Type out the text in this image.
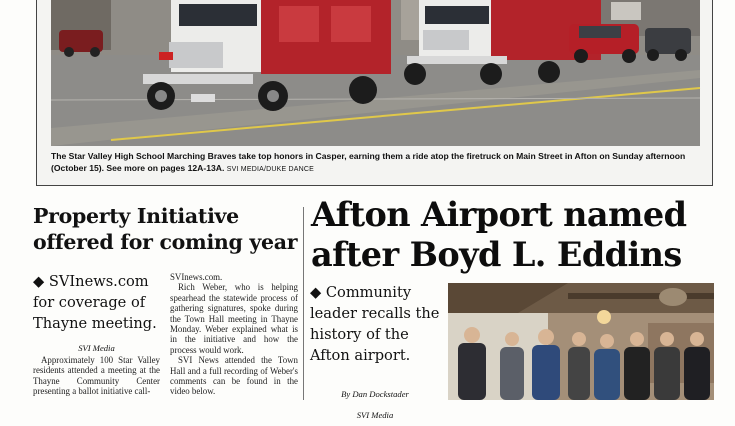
The Star Valley High School Marching Braves take top honors in Casper, earning them a ride atop the firetruck on Main Street in Afton on Sunday afternoon (October 15). See more on pages 12A-13A. SVI MEDIA/DUKE DANCE
Property Initiative offered for coming year
◆ SVInews.com for coverage of Thayne meeting.
SVI Media

Approximately 100 Star Valley residents attended a meeting at the Thayne Community Center presenting a ballot initiative call-

SVInews.com.

Rich Weber, who is helping spearhead the statewide process of gathering signatures, spoke during the Town Hall meeting in Thayne Monday. Weber explained what is in the initiative and how the process would work.

SVI News attended the Town Hall and a full recording of Weber's comments can be found in the video below.

Afton Airport named after Boyd L. Eddins
◆ Community leader recalls the history of the Afton airport.
By Dan Dockstader
SVI Media
